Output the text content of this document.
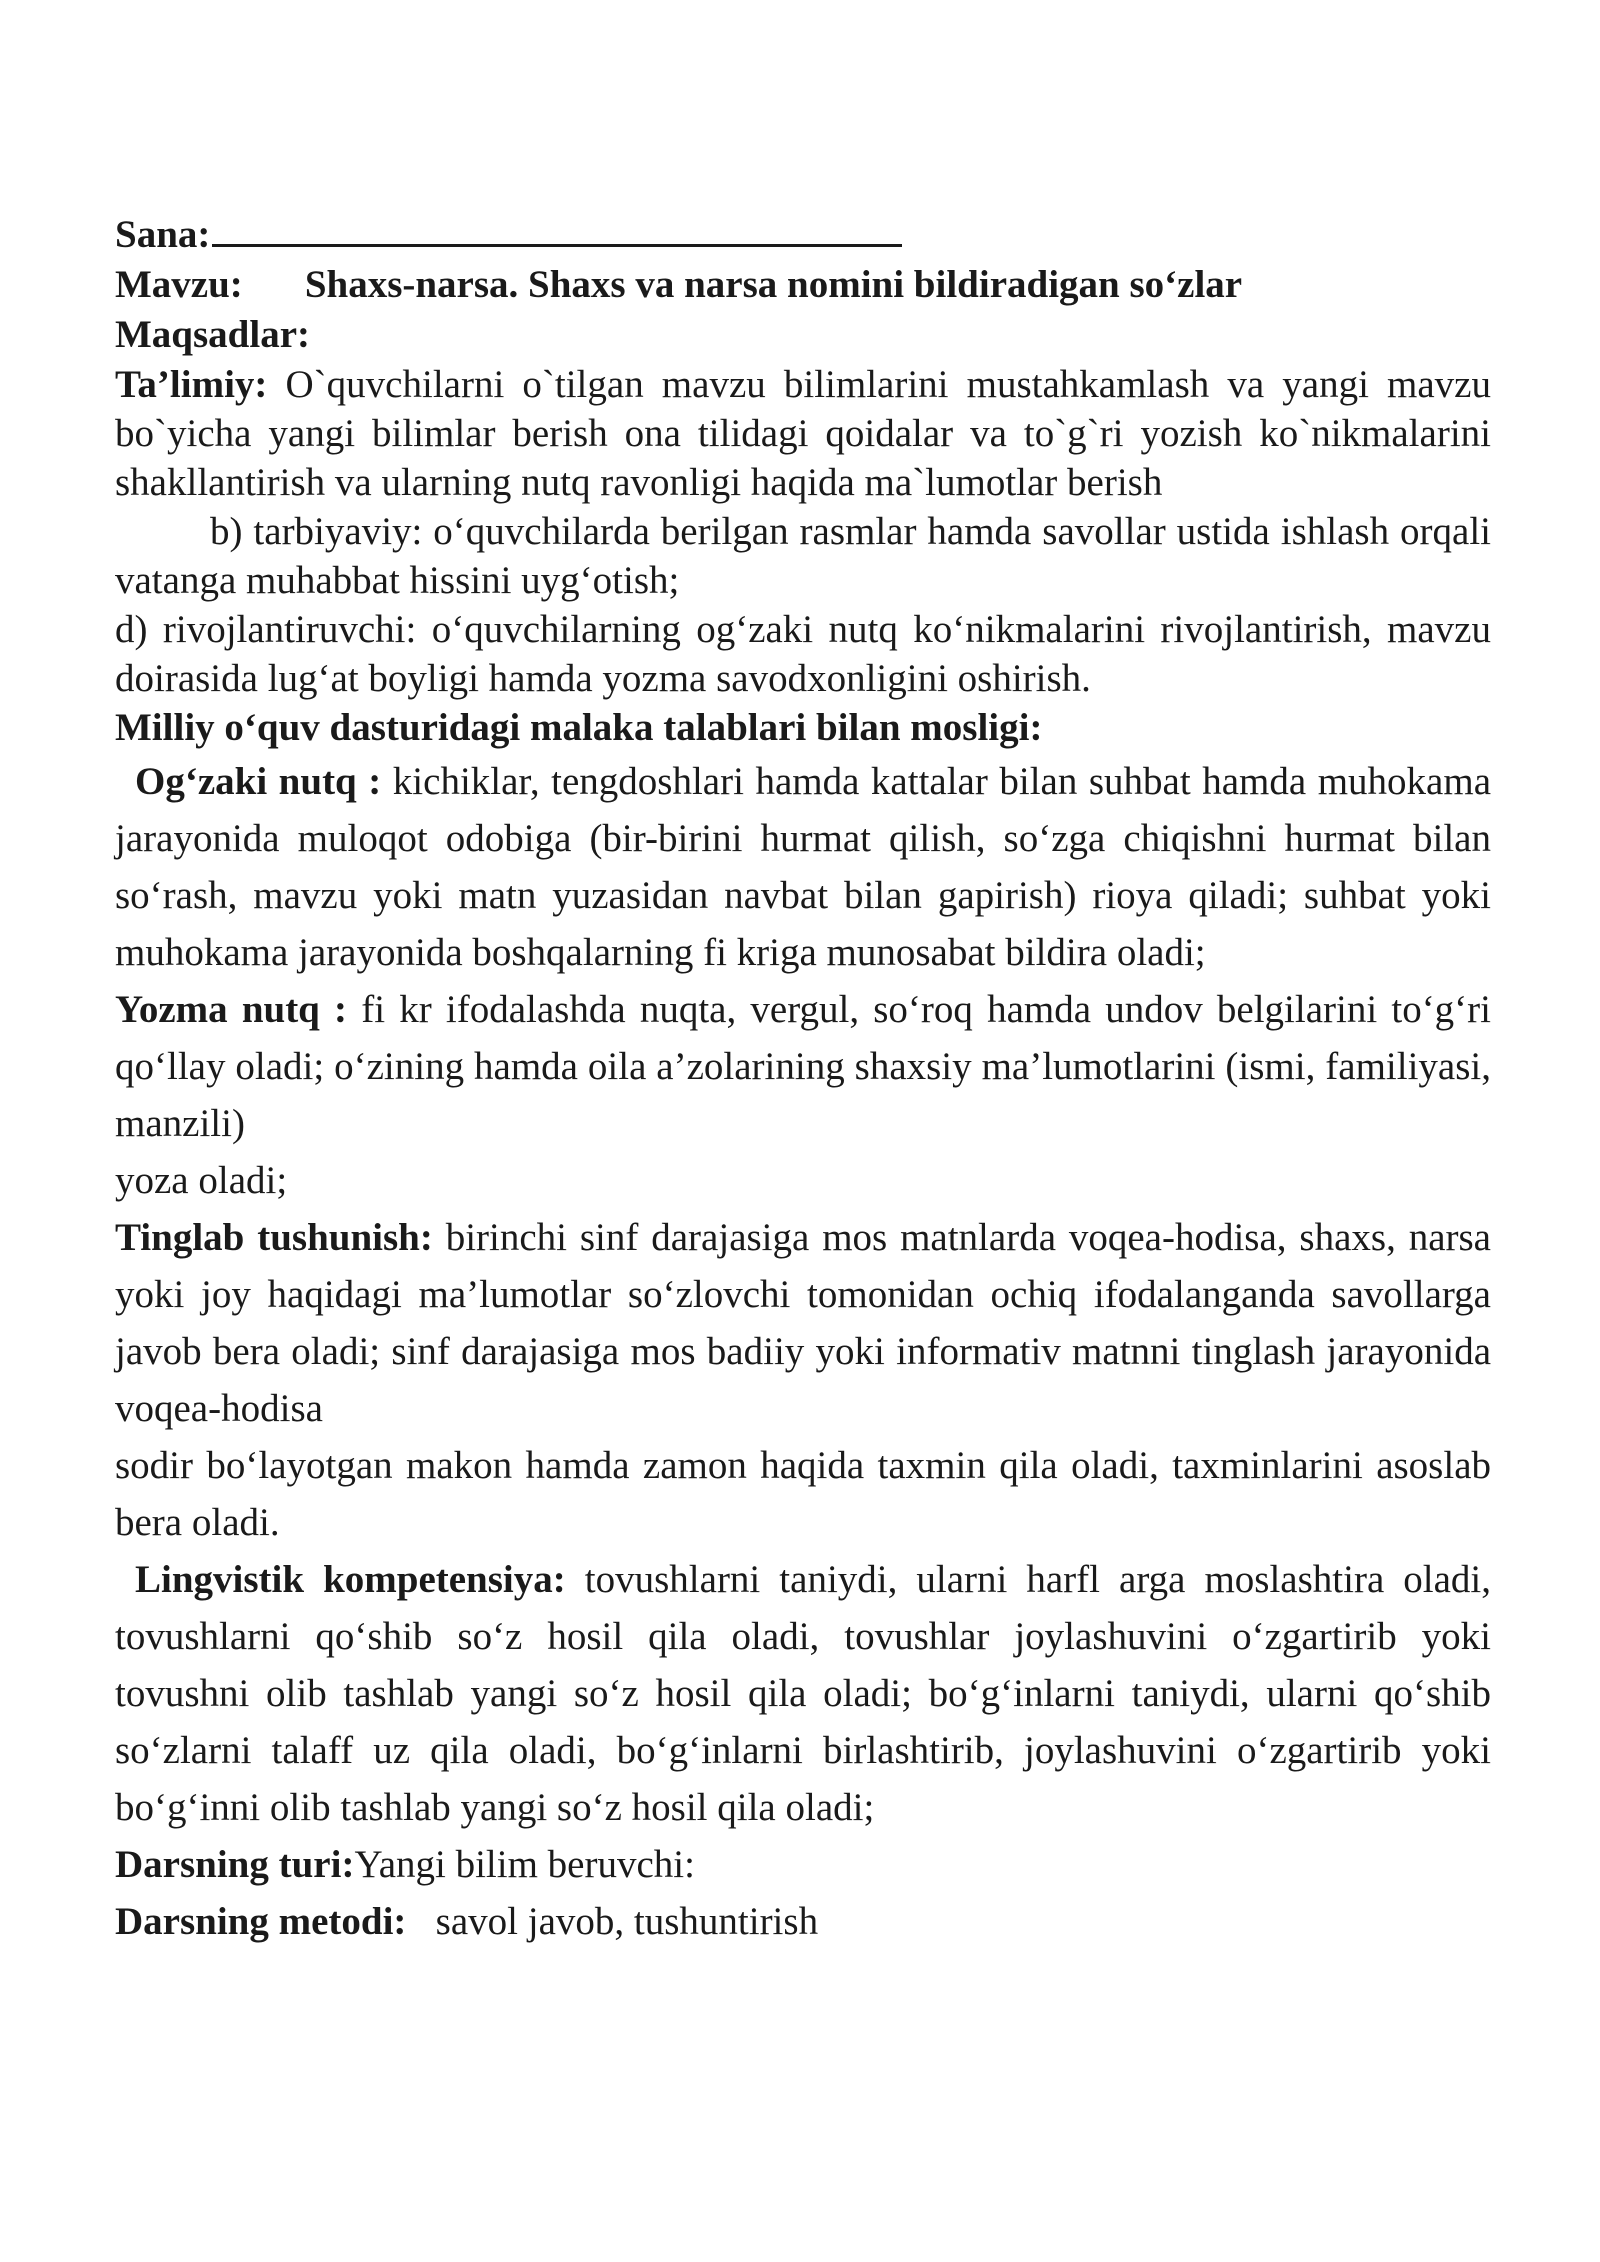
Sana:

Mavzu: Shaxs-narsa. Shaxs va narsa nomini bildiradigan so‘zlar

Maqsadlar:

Ta’limiy: O`quvchilarni o`tilgan mavzu bilimlarini mustahkamlash va yangi mavzu bo`yicha yangi bilimlar berish ona tilidagi qoidalar va to`g`ri yozish ko`nikmalarini shakllantirish va ularning nutq ravonligi haqida ma`lumotlar berish

b) tarbiyaviy: o‘quvchilarda berilgan rasmlar hamda savollar ustida ishlash orqali vatanga muhabbat hissini uyg‘otish;

d) rivojlantiruvchi: o‘quvchilarning og‘zaki nutq ko‘nikmalarini rivojlantirish, mavzu doirasida lug‘at boyligi hamda yozma savodxonligini oshirish.

Milliy o‘quv dasturidagi malaka talablari bilan mosligi:

Og‘zaki nutq : kichiklar, tengdoshlari hamda kattalar bilan suhbat hamda muhokama jarayonida muloqot odobiga (bir-birini hurmat qilish, so‘zga chiqishni hurmat bilan so‘rash, mavzu yoki matn yuzasidan navbat bilan gapirish) rioya qiladi; suhbat yoki muhokama jarayonida boshqalarning fi kriga munosabat bildira oladi;

Yozma nutq : fi kr ifodalashda nuqta, vergul, so‘roq hamda undov belgilarini to‘g‘ri qo‘llay oladi; o‘zining hamda oila a’zolarining shaxsiy ma’lumotlarini (ismi, familiyasi, manzili)

yoza oladi;

Tinglab tushunish: birinchi sinf darajasiga mos matnlarda voqea-hodisa, shaxs, narsa yoki joy haqidagi ma’lumotlar so‘zlovchi tomonidan ochiq ifodalanganda savollarga javob bera oladi; sinf darajasiga mos badiiy yoki informativ matnni tinglash jarayonida voqea-hodisa

sodir bo‘layotgan makon hamda zamon haqida taxmin qila oladi, taxminlarini asoslab bera oladi.

Lingvistik kompetensiya: tovushlarni taniydi, ularni harfl arga moslashtira oladi, tovushlarni qo‘shib so‘z hosil qila oladi, tovushlar joylashuvini o‘zgartirib yoki tovushni olib tashlab yangi so‘z hosil qila oladi; bo‘g‘inlarni taniydi, ularni qo‘shib so‘zlarni talaff uz qila oladi, bo‘g‘inlarni birlashtirib, joylashuvini o‘zgartirib yoki bo‘g‘inni olib tashlab yangi so‘z hosil qila oladi;

Darsning turi:Yangi bilim beruvchi:

Darsning metodi: savol javob, tushuntirish
